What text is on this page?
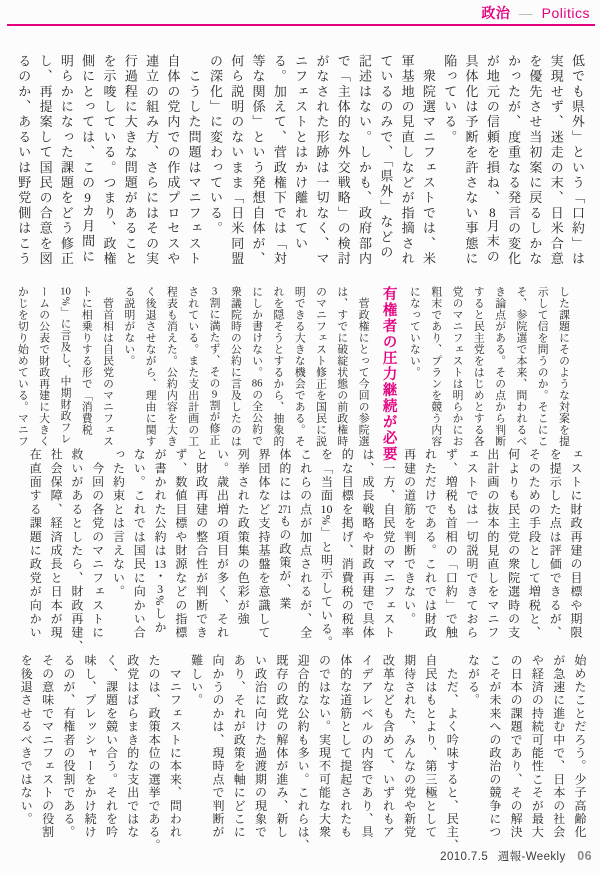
政治 — Politics
低でも県外」という「口約」は
実現せず、迷走の末、日米合意
を優先させ当初案に戻るしかな
かったが、度重なる発言の変化
が地元の信頼を損ね、8月末の
具体化は予断を許さない事態に
陥っている。
　衆院選マニフェストでは、米
軍基地の見直しなどが指摘され
ているのみで、「県外」などの
記述はない。しかも、政府部内
で「主体的な外交戦略」の検討
がなされた形跡は一切なく、マ
ニフェストとはかけ離れてい
る。加えて、菅政権下では「対
等な関係」という発想自体が、
何ら説明のないまま「日米同盟
の深化」に変わっている。
　こうした問題はマニフェスト
自体の党内での作成プロセスや
連立の組み方、さらにはその実
行過程に大きな問題があること
を示唆している。つまり、政権
側にとっては、この9カ月間に
明らかになった課題をどう修正
し、再提案して国民の合意を図
るのか、あるいは野党側はこう
した課題にそのような対案を提
示して信を問うのか。そこにこ
そ、参院選で本来、問われるべ
き論点がある。その点から判断
すると民主党をはじめとする各
党のマニフェストは明らかにお
粗末であり、プランを競う内容
になっていない。
有権者の圧力継続が必要
　菅政権にとって今回の参院選
は、すでに破綻状態の前政権時
のマニフェスト修正を国民に説
明できる大きな機会である。そ
れを隠そうとするから、抽象的
にしか書けない。86の全公約で
衆議院時の公約に言及したのは
3割に満たず、その9割が修正
されている。また支出計画の工
程表も消えた。公約内容を大き
く後退させながら、理由に関す
る説明がない。
　菅首相は自民党のマニフェス
トに相乗りする形で「消費税
10%」に言及し、中期財政フレ
ームの公表で財政再建に大きく
かじを切り始めている。マニフ
ェストに財政再建の目標や期限
を提示した点は評価できるが、
そのための手段として増税と、
何よりも民主党の衆院選時の支
出計画の抜本的見直しをマニフ
ェストでは一切説明できておら
ず、増税も首相の「口約」で触
れただけである。これでは財政
再建の道筋を判断できない。
　一方、自民党のマニフェスト
は、成長戦略や財政再建で具体
的な目標を掲げ、消費税の税率
を「当面10%」と明示している。
これらの点が加点されるが、全
体的には271もの政策が、業
界団体など支持基盤を意識して
列挙された政策集の色彩が強
い。歳出増の項目が多く、それ
と財政再建の整合性が判断でき
ず、数値目標や財源などの指標
が書かれた公約は13・3%しか
ない。これでは国民に向かい合
った約束とは言えない。
　今回の各党のマニフェストに
救いがあるとしたら、財政再建、
社会保障、経済成長と日本が現
在直面する課題に政党が向かい
始めたことだろう。少子高齢化
が急速に進む中で、日本の社会
や経済の持続可能性こそが最大
の日本の課題であり、その解決
こそが未来への政治の競争につ
ながる。
　ただ、よく吟味すると、民主、
自民はもとより、第三極として
期待された、みんなの党や新党
改革なども含めて、いずれもア
イデアレベルの内容であり、具
体的な道筋として提起されたも
のではない。実現不可能な大衆
迎合的な公約も多い。これらは、
既存の政党の解体が進み、新し
い政治に向けた過渡期の現象で
あり、それが政策を軸にどこに
向かうのかは、現時点で判断が
難しい。
　マニフェストに本来、問われ
たのは、政策本位の選挙である。
政党はばらまき的な支出ではな
く、課題を競い合う。それを吟
味し、プレッシャーをかけ続け
るのが、有権者の役割である。
その意味でマニフェストの役割
を後退させるべきではない。
2010.7.5 週報-Weekly 06
